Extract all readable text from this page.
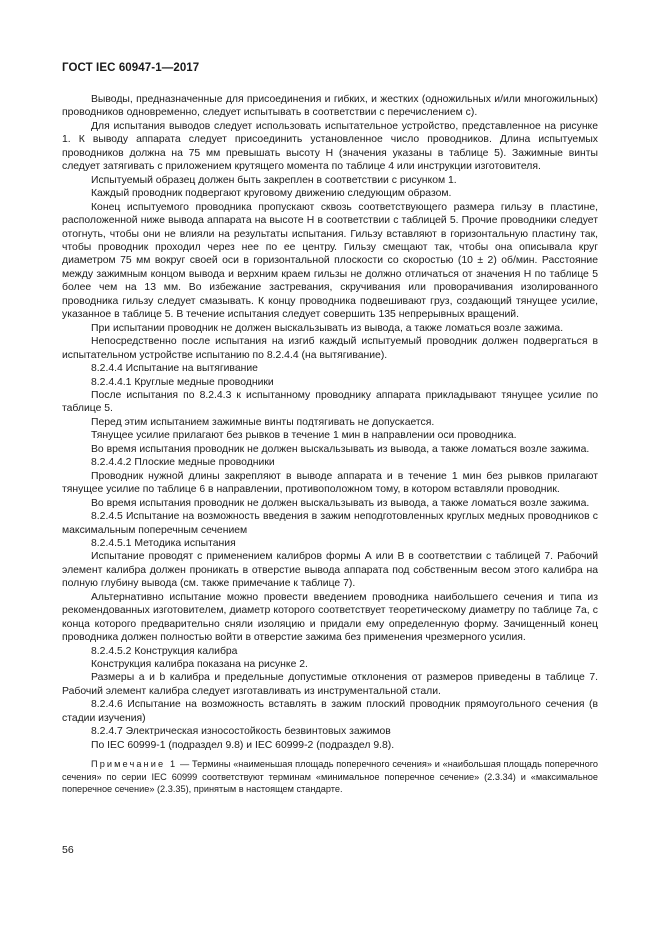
ГОСТ IEC 60947-1—2017

Выводы, предназначенные для присоединения и гибких, и жестких (одножильных и/или многожильных) проводников одновременно, следует испытывать в соответствии с перечислением с).

Для испытания выводов следует использовать испытательное устройство, представленное на рисунке 1. К выводу аппарата следует присоединить установленное число проводников. Длина испытуемых проводников должна на 75 мм превышать высоту Н (значения указаны в таблице 5). Зажимные винты следует затягивать с приложением крутящего момента по таблице 4 или инструкции изготовителя.

Испытуемый образец должен быть закреплен в соответствии с рисунком 1.

Каждый проводник подвергают круговому движению следующим образом.

Конец испытуемого проводника пропускают сквозь соответствующего размера гильзу в пластине, расположенной ниже вывода аппарата на высоте Н в соответствии с таблицей 5. Прочие проводники следует отогнуть, чтобы они не влияли на результаты испытания. Гильзу вставляют в горизонтальную пластину так, чтобы проводник проходил через нее по ее центру. Гильзу смещают так, чтобы она описывала круг диаметром 75 мм вокруг своей оси в горизонтальной плоскости со скоростью (10 ± 2) об/мин. Расстояние между зажимным концом вывода и верхним краем гильзы не должно отличаться от значения Н по таблице 5 более чем на 13 мм. Во избежание застревания, скручивания или проворачивания изолированного проводника гильзу следует смазывать. К концу проводника подвешивают груз, создающий тянущее усилие, указанное в таблице 5. В течение испытания следует совершить 135 непрерывных вращений.

При испытании проводник не должен выскальзывать из вывода, а также ломаться возле зажима.

Непосредственно после испытания на изгиб каждый испытуемый проводник должен подвергаться в испытательном устройстве испытанию по 8.2.4.4 (на вытягивание).

8.2.4.4 Испытание на вытягивание

8.2.4.4.1 Круглые медные проводники

После испытания по 8.2.4.3 к испытанному проводнику аппарата прикладывают тянущее усилие по таблице 5.

Перед этим испытанием зажимные винты подтягивать не допускается.

Тянущее усилие прилагают без рывков в течение 1 мин в направлении оси проводника.

Во время испытания проводник не должен выскальзывать из вывода, а также ломаться возле зажима.

8.2.4.4.2 Плоские медные проводники

Проводник нужной длины закрепляют в выводе аппарата и в течение 1 мин без рывков прилагают тянущее усилие по таблице 6 в направлении, противоположном тому, в котором вставляли проводник.

Во время испытания проводник не должен выскальзывать из вывода, а также ломаться возле зажима.

8.2.4.5 Испытание на возможность введения в зажим неподготовленных круглых медных проводников с максимальным поперечным сечением

8.2.4.5.1 Методика испытания

Испытание проводят с применением калибров формы А или В в соответствии с таблицей 7. Рабочий элемент калибра должен проникать в отверстие вывода аппарата под собственным весом этого калибра на полную глубину вывода (см. также примечание к таблице 7).

Альтернативно испытание можно провести введением проводника наибольшего сечения и типа из рекомендованных изготовителем, диаметр которого соответствует теоретическому диаметру по таблице 7а, с конца которого предварительно сняли изоляцию и придали ему определенную форму. Зачищенный конец проводника должен полностью войти в отверстие зажима без применения чрезмерного усилия.

8.2.4.5.2 Конструкция калибра

Конструкция калибра показана на рисунке 2.

Размеры a и b калибра и предельные допустимые отклонения от размеров приведены в таблице 7. Рабочий элемент калибра следует изготавливать из инструментальной стали.

8.2.4.6 Испытание на возможность вставлять в зажим плоский проводник прямоугольного сечения (в стадии изучения)

8.2.4.7 Электрическая износостойкость безвинтовых зажимов

По IEC 60999-1 (подраздел 9.8) и IEC 60999-2 (подраздел 9.8).

Примечание 1 — Термины «наименьшая площадь поперечного сечения» и «наибольшая площадь поперечного сечения» по серии IEC 60999 соответствуют терминам «минимальное поперечное сечение» (2.3.34) и «максимальное поперечное сечение» (2.3.35), принятым в настоящем стандарте.

56
